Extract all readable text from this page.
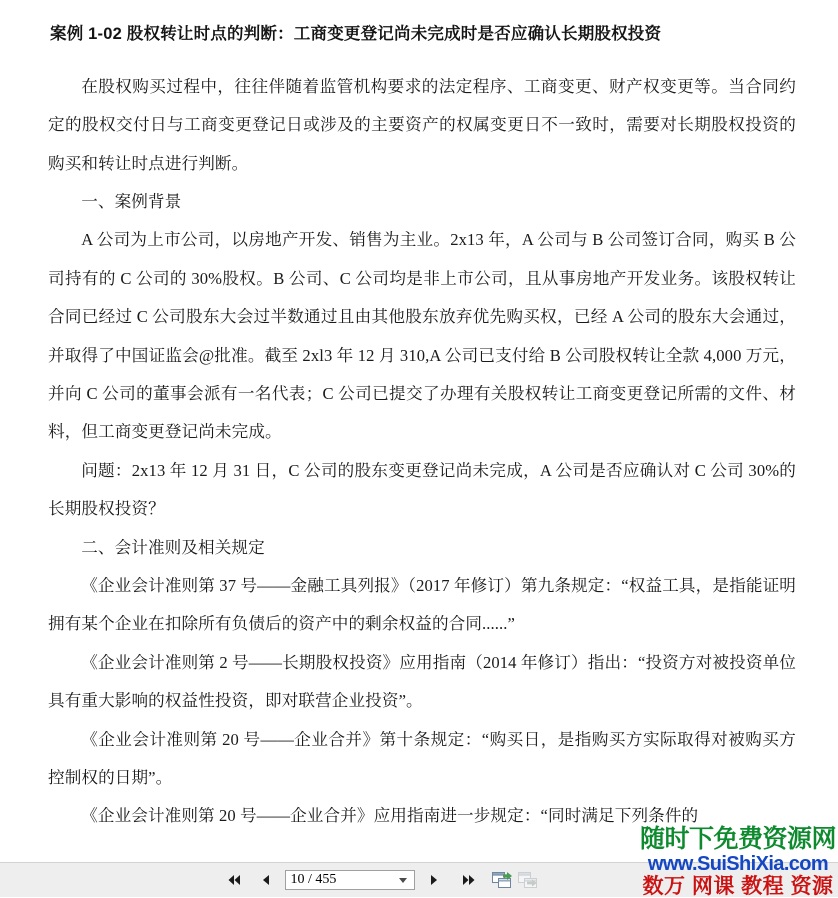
案例 1-02 股权转让时点的判断：工商变更登记尚未完成时是否应确认长期股权投资

在股权购买过程中，往往伴随着监管机构要求的法定程序、工商变更、财产权变更等。当合同约定的股权交付日与工商变更登记日或涉及的主要资产的权属变更日不一致时，需要对长期股权投资的购买和转让时点进行判断。

一、案例背景

A 公司为上市公司，以房地产开发、销售为主业。2x13 年，A 公司与 B 公司签订合同，购买 B 公司持有的 C 公司的 30%股权。B 公司、C 公司均是非上市公司，且从事房地产开发业务。该股权转让合同已经过 C 公司股东大会过半数通过且由其他股东放弃优先购买权，已经 A 公司的股东大会通过，并取得了中国证监会@批准。截至 2xl3 年 12 月 310,A 公司已支付给 B 公司股权转让全款 4,000 万元，并向 C 公司的董事会派有一名代表；C 公司已提交了办理有关股权转让工商变更登记所需的文件、材料，但工商变更登记尚未完成。

问题：2x13 年 12 月 31 日，C 公司的股东变更登记尚未完成，A 公司是否应确认对 C 公司 30%的长期股权投资？

二、会计准则及相关规定

《企业会计准则第 37 号——金融工具列报》（2017 年修订）第九条规定：“权益工具，是指能证明拥有某个企业在扣除所有负债后的资产中的剩余权益的合同......”

《企业会计准则第 2 号——长期股权投资》应用指南（2014 年修订）指出：“投资方对被投资单位具有重大影响的权益性投资，即对联营企业投资”。

《企业会计准则第 20 号——企业合并》第十条规定：“购买日，是指购买方实际取得对被购买方控制权的日期”。

《企业会计准则第 20 号——企业合并》应用指南进一步规定：“同时满足下列条件的

随时下免费资源网
www.SuiShiXia.com
数万 网课 教程 资源
10 / 455
